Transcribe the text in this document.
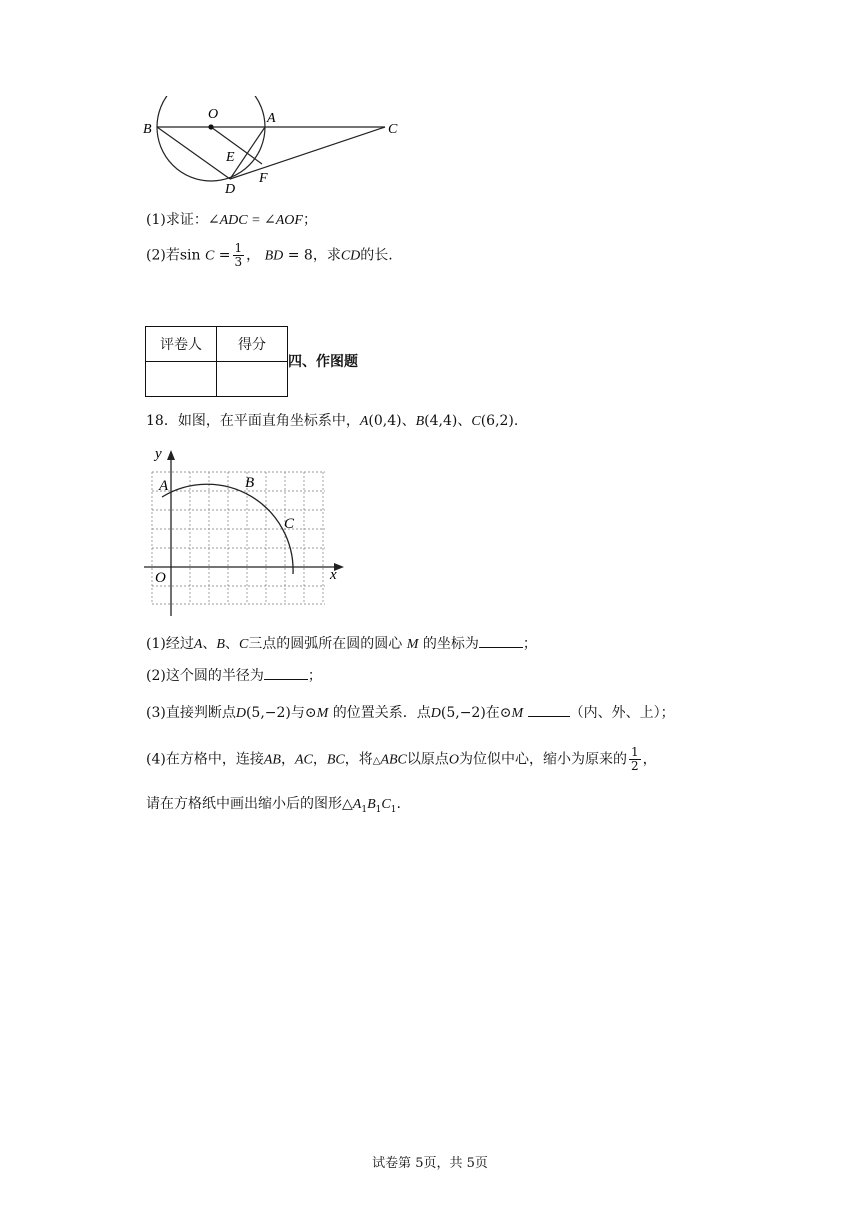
O	A
B	C
E
D
F
(1)求证：∠ADC = ∠AOF；
(2)若$\sin C = \frac{1}{3}$ ， BD = 8，求CD的长.
评卷人	得分

四、作图题
18．如图，在平面直角坐标系中，A(0,4)、B(4,4)、C(6,2).
y
x
O
A	B
C
(1)经过A、B、C三点的圆弧所在圆的圆心 M 的坐标为	；
(2)这个圆的半径为	；
(3)直接判断点D(5,−2)与⊙M 的位置关系．点D(5,−2)在⊙M	（内、外、上）；
(4)在方格中，连接AB，AC，BC，将△ABC以原点O为位似中心，缩小为原来的 $\frac{1}{2}$ ，
请在方格纸中画出缩小后的图形$\triangle A_1B_1C_1$.
试卷第 5页，共 5页
